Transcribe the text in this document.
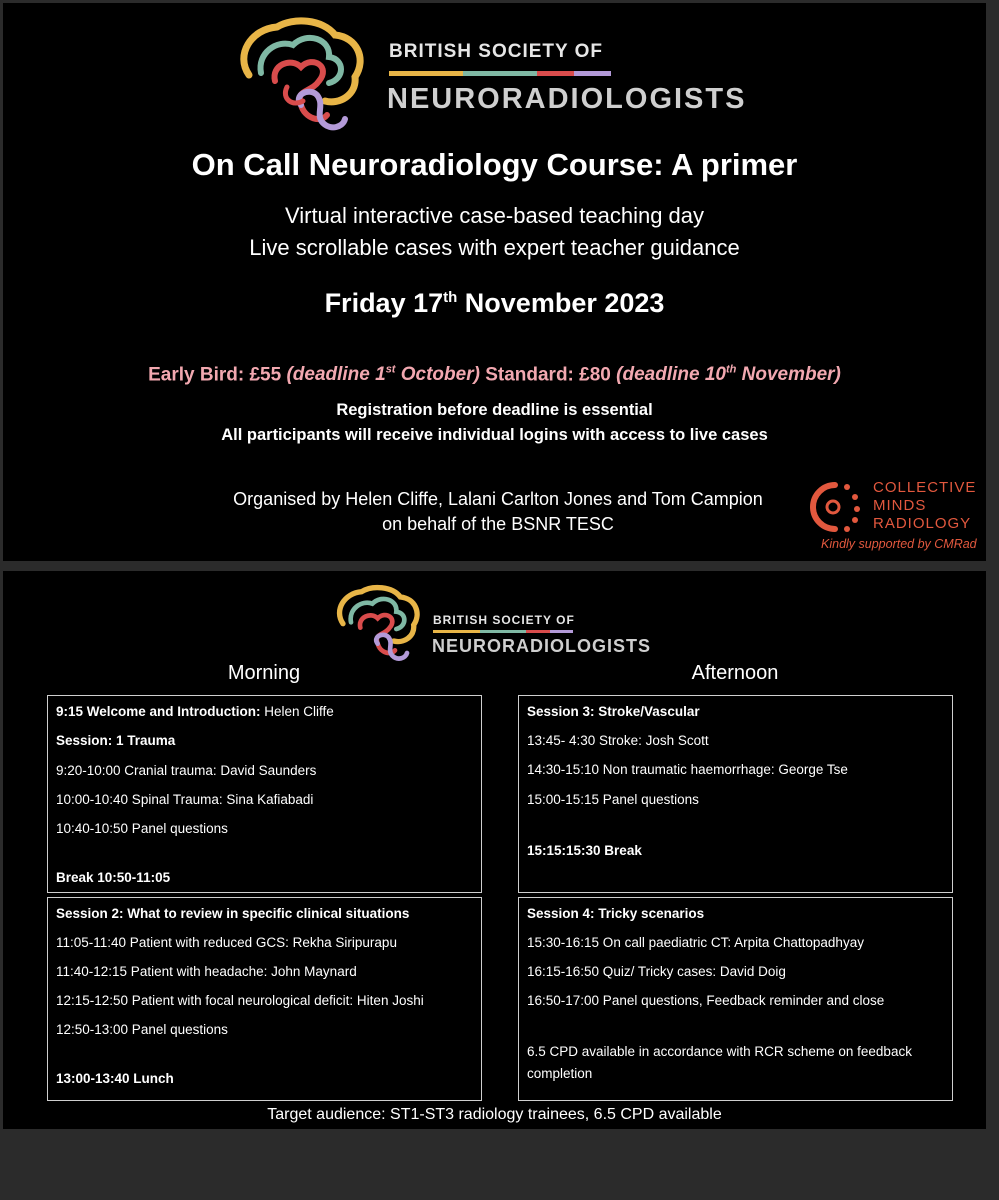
BRITISH SOCIETY OF
NEURORADIOLOGISTS
On Call Neuroradiology Course: A primer
Virtual interactive case-based teaching day
Live scrollable cases with expert teacher guidance
Friday 17th November 2023
Early Bird: £55 (deadline 1st October) Standard: £80 (deadline 10th November)
Registration before deadline is essential
All participants will receive individual logins with access to live cases
Organised by Helen Cliffe, Lalani Carlton Jones and Tom Campion
on behalf of the BSNR TESC
COLLECTIVE
MINDS
RADIOLOGY
Kindly supported by CMRad
BRITISH SOCIETY OF
NEURORADIOLOGISTS
Morning	Afternoon
9:15 Welcome and Introduction: Helen Cliffe
Session: 1 Trauma
9:20-10:00 Cranial trauma: David Saunders
10:00-10:40 Spinal Trauma: Sina Kafiabadi
10:40-10:50 Panel questions
Break 10:50-11:05
Session 2: What to review in specific clinical situations
11:05-11:40 Patient with reduced GCS: Rekha Siripurapu
11:40-12:15 Patient with headache: John Maynard
12:15-12:50 Patient with focal neurological deficit: Hiten Joshi
12:50-13:00 Panel questions
13:00-13:40 Lunch
Session 3: Stroke/Vascular
13:45- 4:30 Stroke: Josh Scott
14:30-15:10 Non traumatic haemorrhage: George Tse
15:00-15:15 Panel questions
15:15:15:30 Break
Session 4: Tricky scenarios
15:30-16:15 On call paediatric CT: Arpita Chattopadhyay
16:15-16:50 Quiz/ Tricky cases: David Doig
16:50-17:00 Panel questions, Feedback reminder and close
6.5 CPD available in accordance with RCR scheme on feedback
completion
Target audience: ST1-ST3 radiology trainees, 6.5 CPD available
